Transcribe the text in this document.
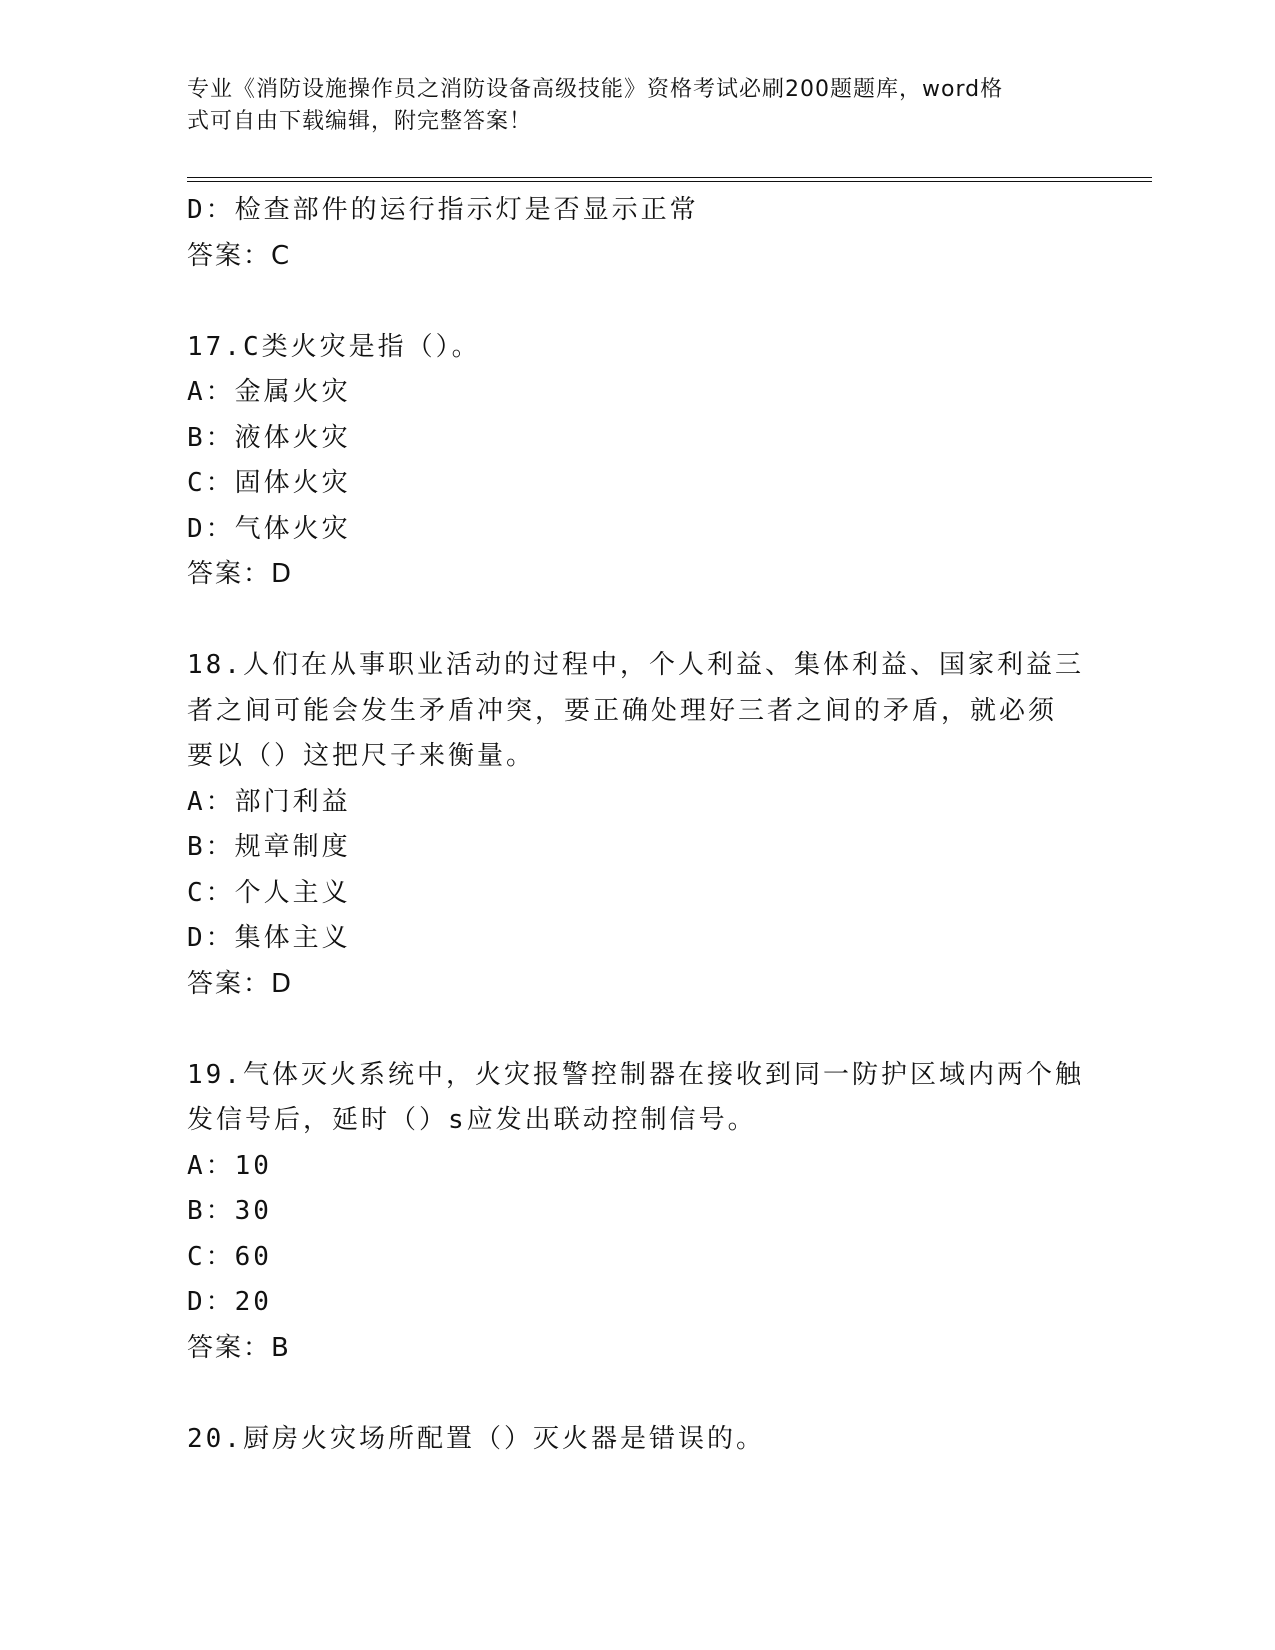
专业《消防设施操作员之消防设备高级技能》资格考试必刷200题题库，word格
式可自由下载编辑，附完整答案！
D：检查部件的运行指示灯是否显示正常
答案：C
17.C类火灾是指（）。
A：金属火灾
B：液体火灾
C：固体火灾
D：气体火灾
答案：D
18.人们在从事职业活动的过程中，个人利益、集体利益、国家利益三
者之间可能会发生矛盾冲突，要正确处理好三者之间的矛盾，就必须
要以（）这把尺子来衡量。
A：部门利益
B：规章制度
C：个人主义
D：集体主义
答案：D
19.气体灭火系统中，火灾报警控制器在接收到同一防护区域内两个触
发信号后，延时（）s应发出联动控制信号。
A：10
B：30
C：60
D：20
答案：B
20.厨房火灾场所配置（）灭火器是错误的。
